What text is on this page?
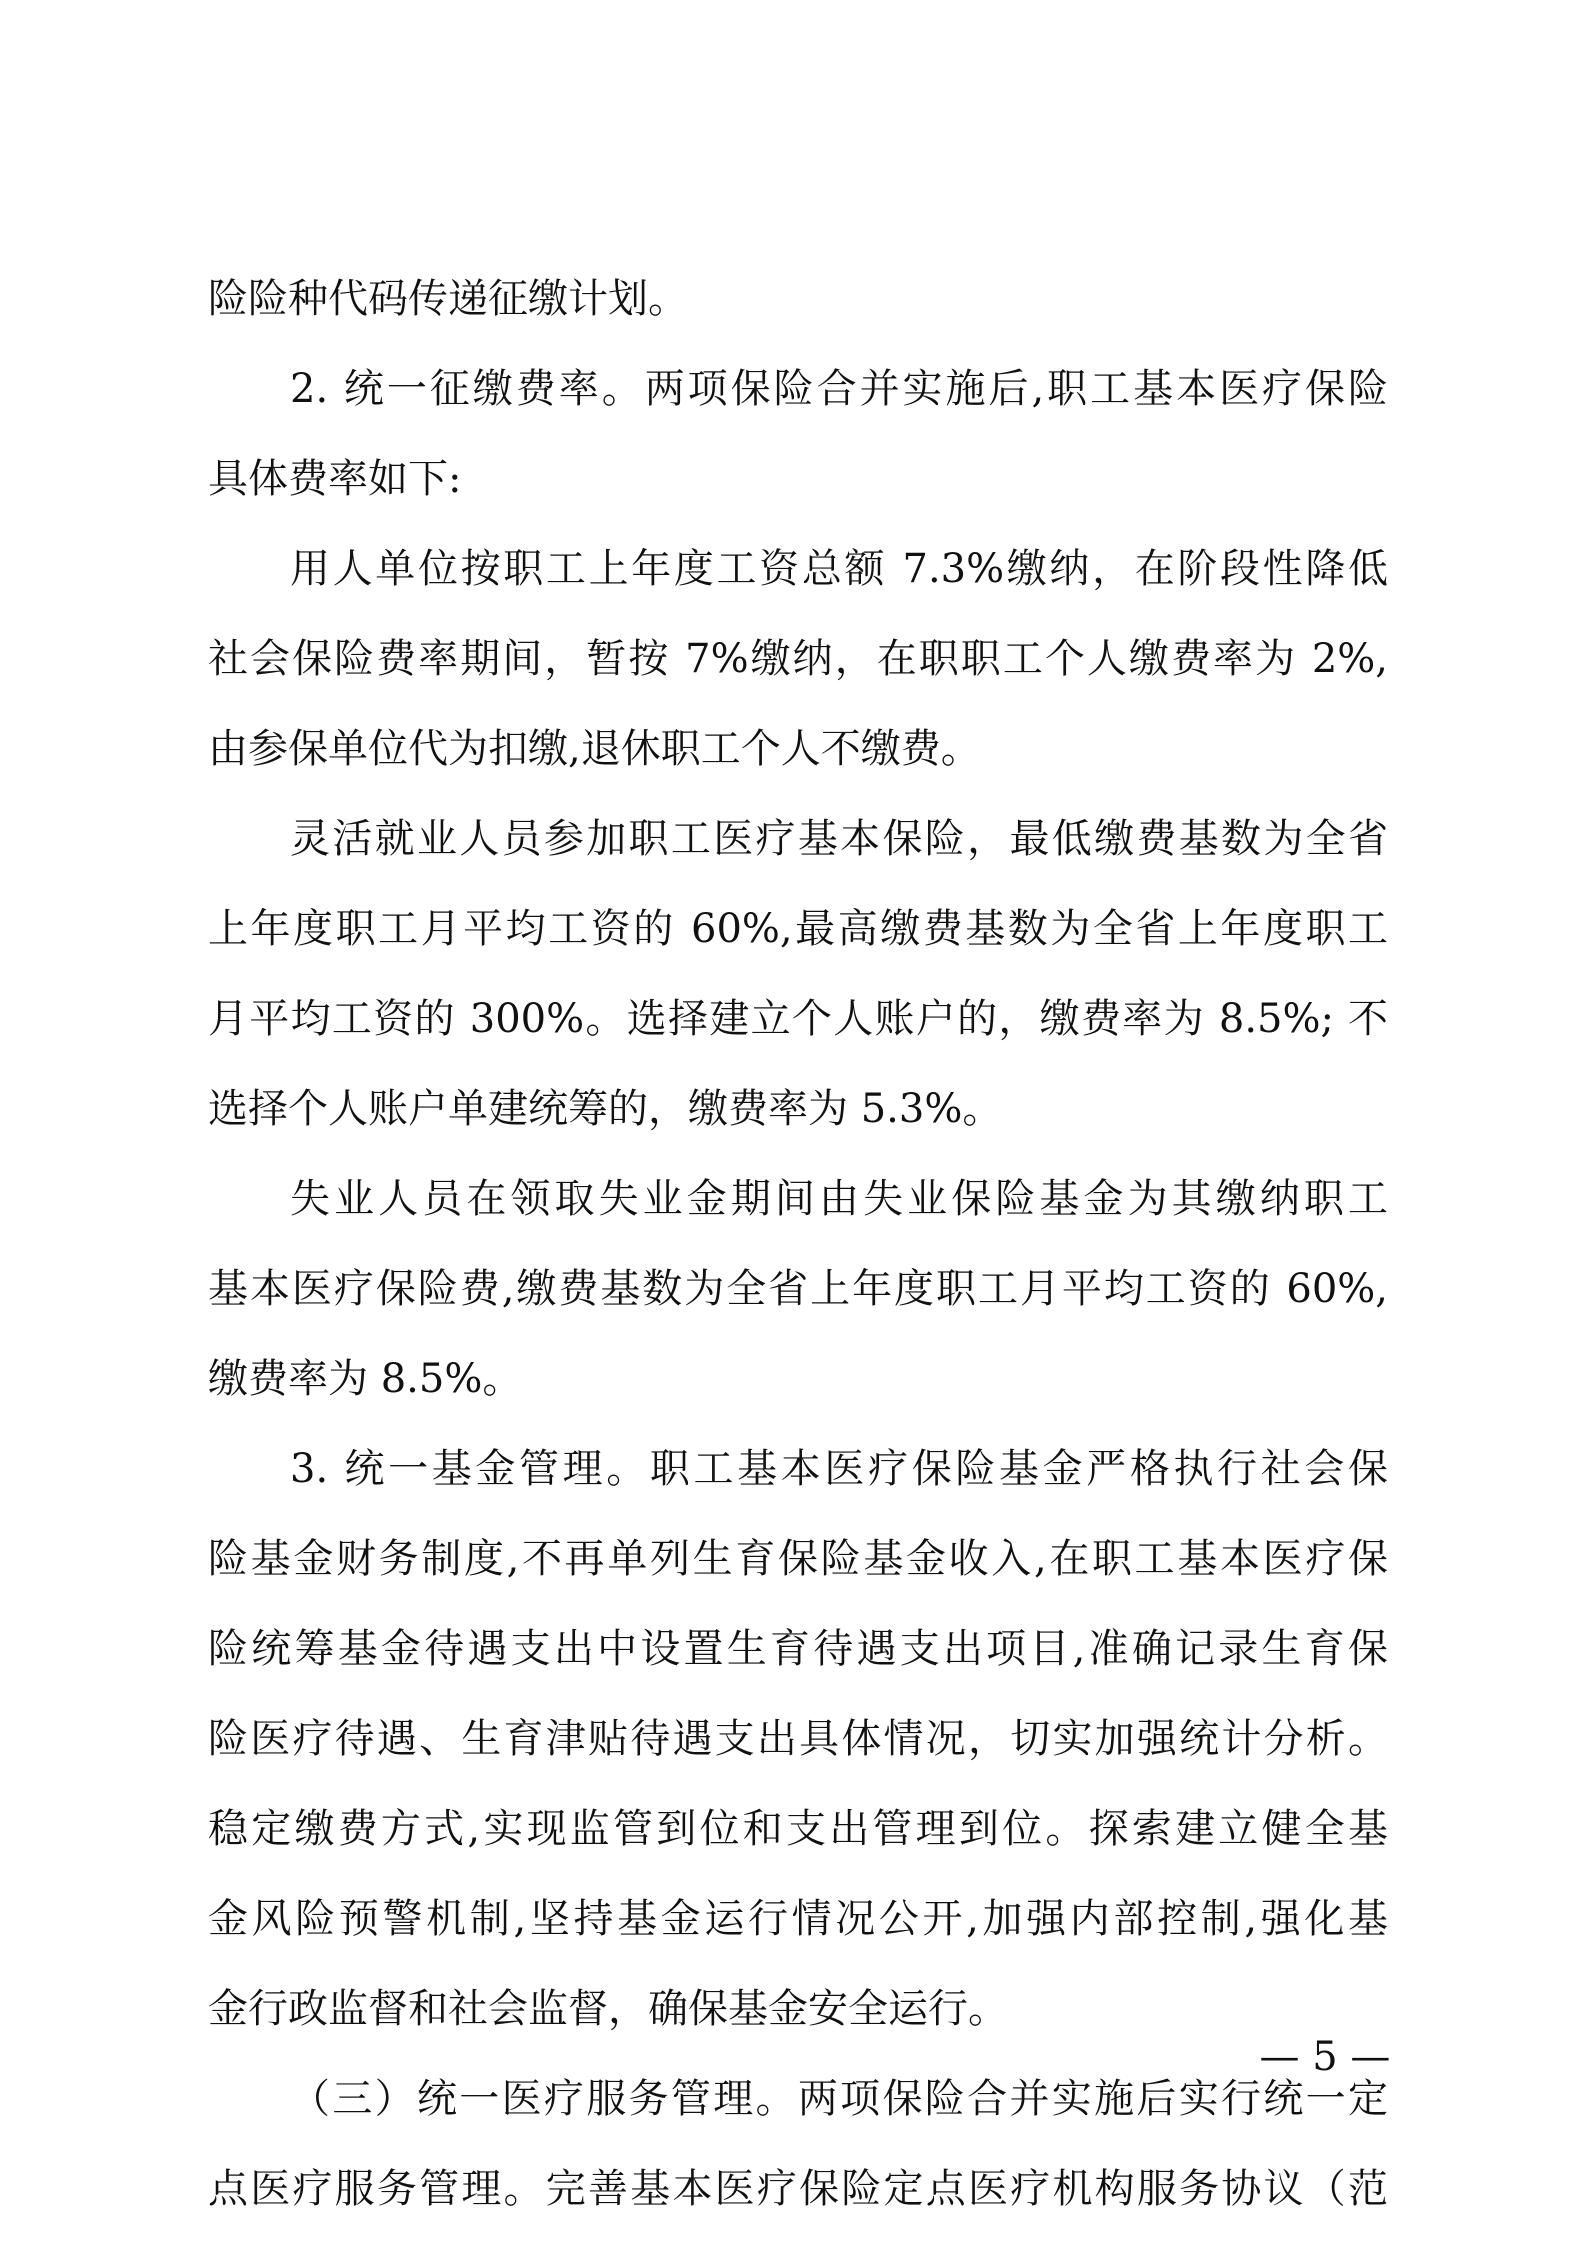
险险种代码传递征缴计划。
2. 统一征缴费率。两项保险合并实施后,职工基本医疗保险
具体费率如下:
用人单位按职工上年度工资总额 7.3%缴纳，在阶段性降低
社会保险费率期间，暂按 7%缴纳，在职职工个人缴费率为 2%,
由参保单位代为扣缴,退休职工个人不缴费。
灵活就业人员参加职工医疗基本保险，最低缴费基数为全省
上年度职工月平均工资的 60%,最高缴费基数为全省上年度职工
月平均工资的 300%。选择建立个人账户的，缴费率为 8.5%; 不
选择个人账户单建统筹的，缴费率为 5.3%。
失业人员在领取失业金期间由失业保险基金为其缴纳职工
基本医疗保险费,缴费基数为全省上年度职工月平均工资的 60%,
缴费率为 8.5%。
3. 统一基金管理。职工基本医疗保险基金严格执行社会保
险基金财务制度,不再单列生育保险基金收入,在职工基本医疗保
险统筹基金待遇支出中设置生育待遇支出项目,准确记录生育保
险医疗待遇、生育津贴待遇支出具体情况，切实加强统计分析。
稳定缴费方式,实现监管到位和支出管理到位。探索建立健全基
金风险预警机制,坚持基金运行情况公开,加强内部控制,强化基
金行政监督和社会监督，确保基金安全运行。
（三）统一医疗服务管理。两项保险合并实施后实行统一定
点医疗服务管理。完善基本医疗保险定点医疗机构服务协议（范
— 5 —
